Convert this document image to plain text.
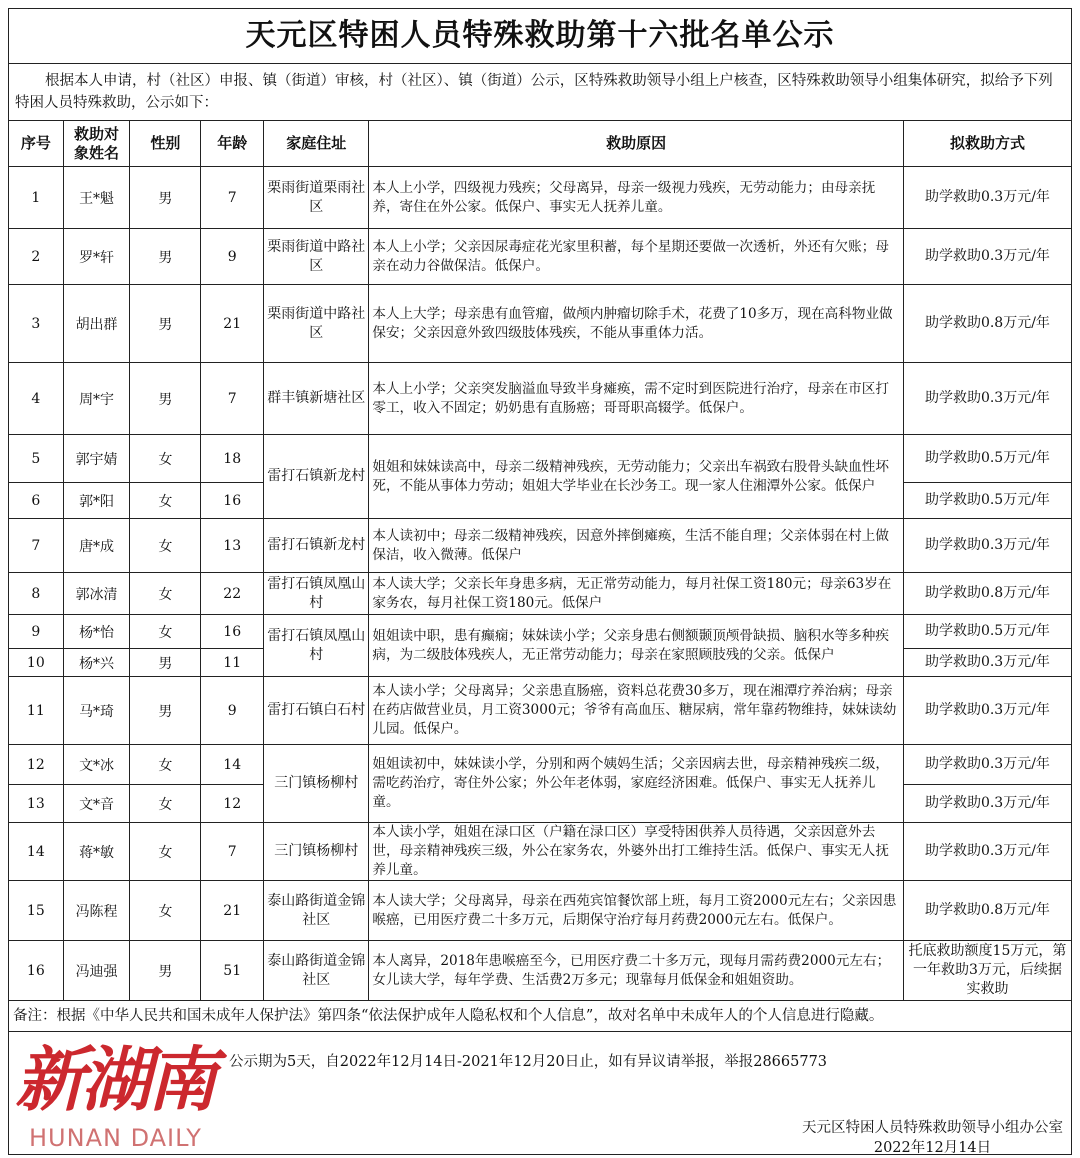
天元区特困人员特殊救助第十六批名单公示
根据本人申请，村（社区）申报、镇（街道）审核，村（社区）、镇（街道）公示，区特殊救助领导小组上户核查，区特殊救助领导小组集体研究，拟给予下列特困人员特殊救助，公示如下：
序号	救助对象姓名	性别	年龄	家庭住址	救助原因	拟救助方式
1	王*魁	男	7	栗雨街道栗雨社区	本人上小学，四级视力残疾；父母离异，母亲一级视力残疾，无劳动能力；由母亲抚养，寄住在外公家。低保户、事实无人抚养儿童。	助学救助0.3万元/年
2	罗*轩	男	9	栗雨街道中路社区	本人上小学；父亲因尿毒症花光家里积蓄，每个星期还要做一次透析，外还有欠账；母亲在动力谷做保洁。低保户。	助学救助0.3万元/年
3	胡出群	男	21	栗雨街道中路社区	本人上大学；母亲患有血管瘤，做颅内肿瘤切除手术，花费了10多万，现在高科物业做保安；父亲因意外致四级肢体残疾，不能从事重体力活。	助学救助0.8万元/年
4	周*宇	男	7	群丰镇新塘社区	本人上小学；父亲突发脑溢血导致半身瘫痪，需不定时到医院进行治疗，母亲在市区打零工，收入不固定；奶奶患有直肠癌；哥哥职高辍学。低保户。	助学救助0.3万元/年
5	郭宇婧	女	18	雷打石镇新龙村	姐姐和妹妹读高中，母亲二级精神残疾，无劳动能力；父亲出车祸致右股骨头缺血性坏死，不能从事体力劳动；姐姐大学毕业在长沙务工。现一家人住湘潭外公家。低保户	助学救助0.5万元/年
6	郭*阳	女	16			助学救助0.5万元/年
7	唐*成	女	13	雷打石镇新龙村	本人读初中；母亲二级精神残疾，因意外摔倒瘫痪，生活不能自理；父亲体弱在村上做保洁，收入微薄。低保户	助学救助0.3万元/年
8	郭冰清	女	22	雷打石镇凤凰山村	本人读大学；父亲长年身患多病，无正常劳动能力，每月社保工资180元；母亲63岁在家务农，每月社保工资180元。低保户	助学救助0.8万元/年
9	杨*怡	女	16	雷打石镇凤凰山村	姐姐读中职，患有癫痫；妹妹读小学；父亲身患右侧额颞顶颅骨缺损、脑积水等多种疾病，为二级肢体残疾人，无正常劳动能力；母亲在家照顾肢残的父亲。低保户	助学救助0.5万元/年
10	杨*兴	男	11			助学救助0.3万元/年
11	马*琦	男	9	雷打石镇白石村	本人读小学；父母离异；父亲患直肠癌，资料总花费30多万，现在湘潭疗养治病；母亲在药店做营业员，月工资3000元；爷爷有高血压、糖尿病，常年靠药物维持，妹妹读幼儿园。低保户。	助学救助0.3万元/年
12	文*冰	女	14	三门镇杨柳村	姐姐读初中，妹妹读小学，分别和两个姨妈生活；父亲因病去世，母亲精神残疾二级，需吃药治疗，寄住外公家；外公年老体弱，家庭经济困难。低保户、事实无人抚养儿童。	助学救助0.3万元/年
13	文*音	女	12			助学救助0.3万元/年
14	蒋*敏	女	7	三门镇杨柳村	本人读小学，姐姐在渌口区（户籍在渌口区）享受特困供养人员待遇，父亲因意外去世，母亲精神残疾三级，外公在家务农，外婆外出打工维持生活。低保户、事实无人抚养儿童。	助学救助0.3万元/年
15	冯陈程	女	21	泰山路街道金锦社区	本人读大学；父母离异，母亲在西苑宾馆餐饮部上班，每月工资2000元左右；父亲因患喉癌，已用医疗费二十多万元，后期保守治疗每月药费2000元左右。低保户。	助学救助0.8万元/年
16	冯迪强	男	51	泰山路街道金锦社区	本人离异，2018年患喉癌至今，已用医疗费二十多万元，现每月需药费2000元左右；女儿读大学，每年学费、生活费2万多元；现靠每月低保金和姐姐资助。	托底救助额度15万元，第一年救助3万元，后续据实救助
备注：根据《中华人民共和国未成年人保护法》第四条“依法保护成年人隐私权和个人信息”，故对名单中未成年人的个人信息进行隐藏。
新湖南
HUNAN DAILY
公示期为5天，自2022年12月14日-2021年12月20日止，如有异议请举报，举报28665773
天元区特困人员特殊救助领导小组办公室
2022年12月14日
